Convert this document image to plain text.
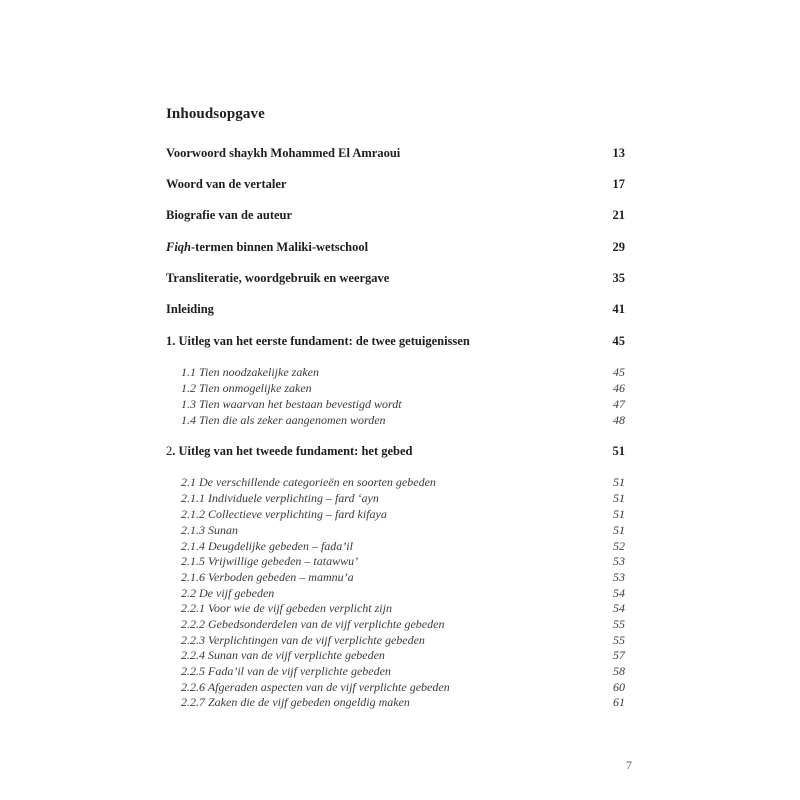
Inhoudsopgave
Voorwoord shaykh Mohammed El Amraoui	13
Woord van de vertaler	17
Biografie van de auteur	21
Fiqh-termen binnen Maliki-wetschool	29
Transliteratie, woordgebruik en weergave	35
Inleiding	41
1. Uitleg van het eerste fundament: de twee getuigenissen	45
1.1 Tien noodzakelijke zaken	45
1.2 Tien onmogelijke zaken	46
1.3 Tien waarvan het bestaan bevestigd wordt	47
1.4 Tien die als zeker aangenomen worden	48
2. Uitleg van het tweede fundament: het gebed	51
2.1 De verschillende categorieën en soorten gebeden	51
2.1.1 Individuele verplichting – fard ‘ayn	51
2.1.2 Collectieve verplichting – fard kifaya	51
2.1.3 Sunan	51
2.1.4 Deugdelijke gebeden – fada’il	52
2.1.5 Vrijwillige gebeden – tatawwu’	53
2.1.6 Verboden gebeden – mamnu’a	53
2.2 De vijf gebeden	54
2.2.1 Voor wie de vijf gebeden verplicht zijn	54
2.2.2 Gebedsonderdelen van de vijf verplichte gebeden	55
2.2.3 Verplichtingen van de vijf verplichte gebeden	55
2.2.4 Sunan van de vijf verplichte gebeden	57
2.2.5 Fada’il van de vijf verplichte gebeden	58
2.2.6 Afgeraden aspecten van de vijf verplichte gebeden	60
2.2.7 Zaken die de vijf gebeden ongeldig maken	61
7
